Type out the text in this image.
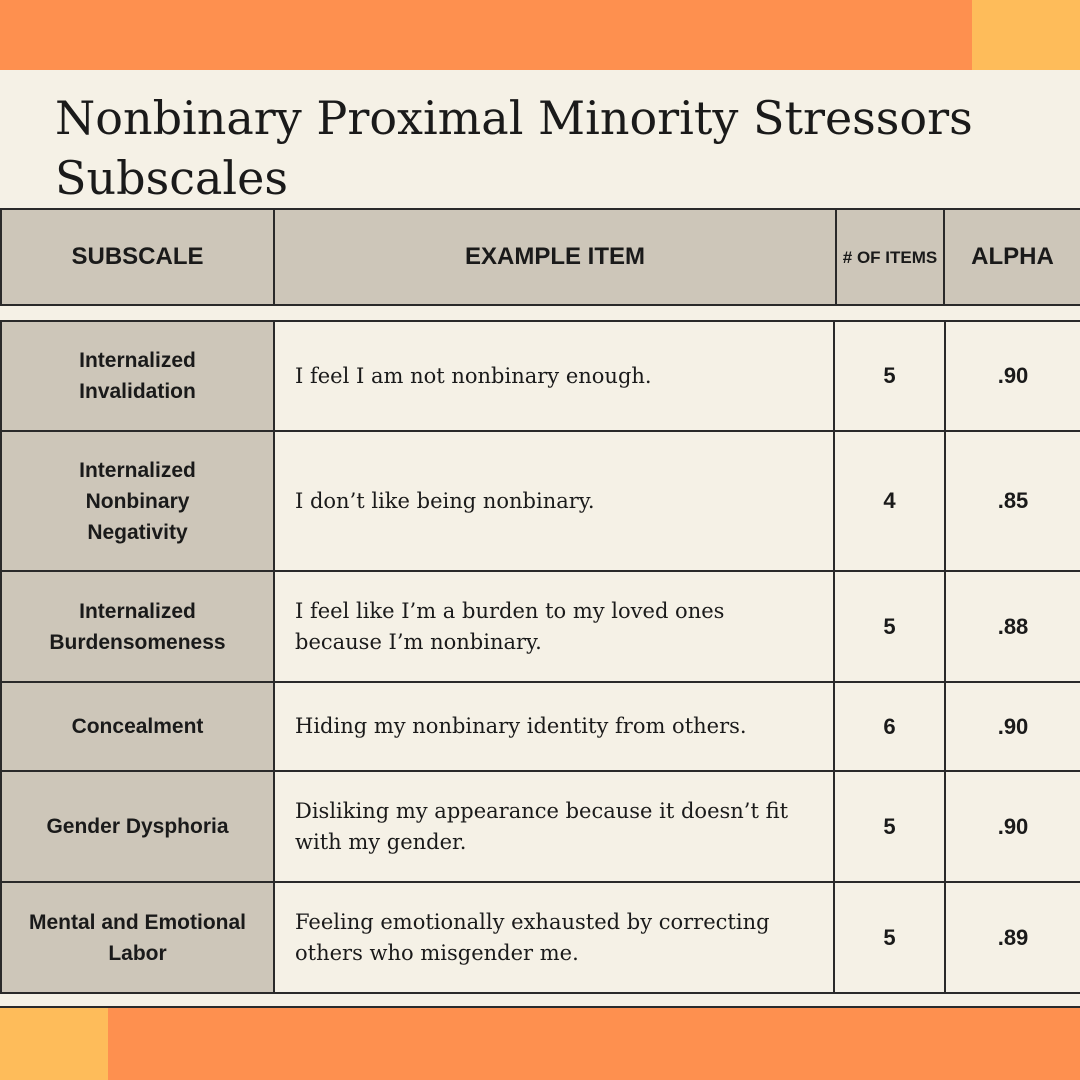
Nonbinary Proximal Minority Stressors Subscales
SUBSCALE	EXAMPLE ITEM	# OF ITEMS	ALPHA
Internalized Invalidation	I feel I am not nonbinary enough.	5	.90
Internalized Nonbinary Negativity	I don’t like being nonbinary.	4	.85
Internalized Burdensomeness	I feel like I’m a burden to my loved ones because I’m nonbinary.	5	.88
Concealment	Hiding my nonbinary identity from others.	6	.90
Gender Dysphoria	Disliking my appearance because it doesn’t fit with my gender.	5	.90
Mental and Emotional Labor	Feeling emotionally exhausted by correcting others who misgender me.	5	.89
